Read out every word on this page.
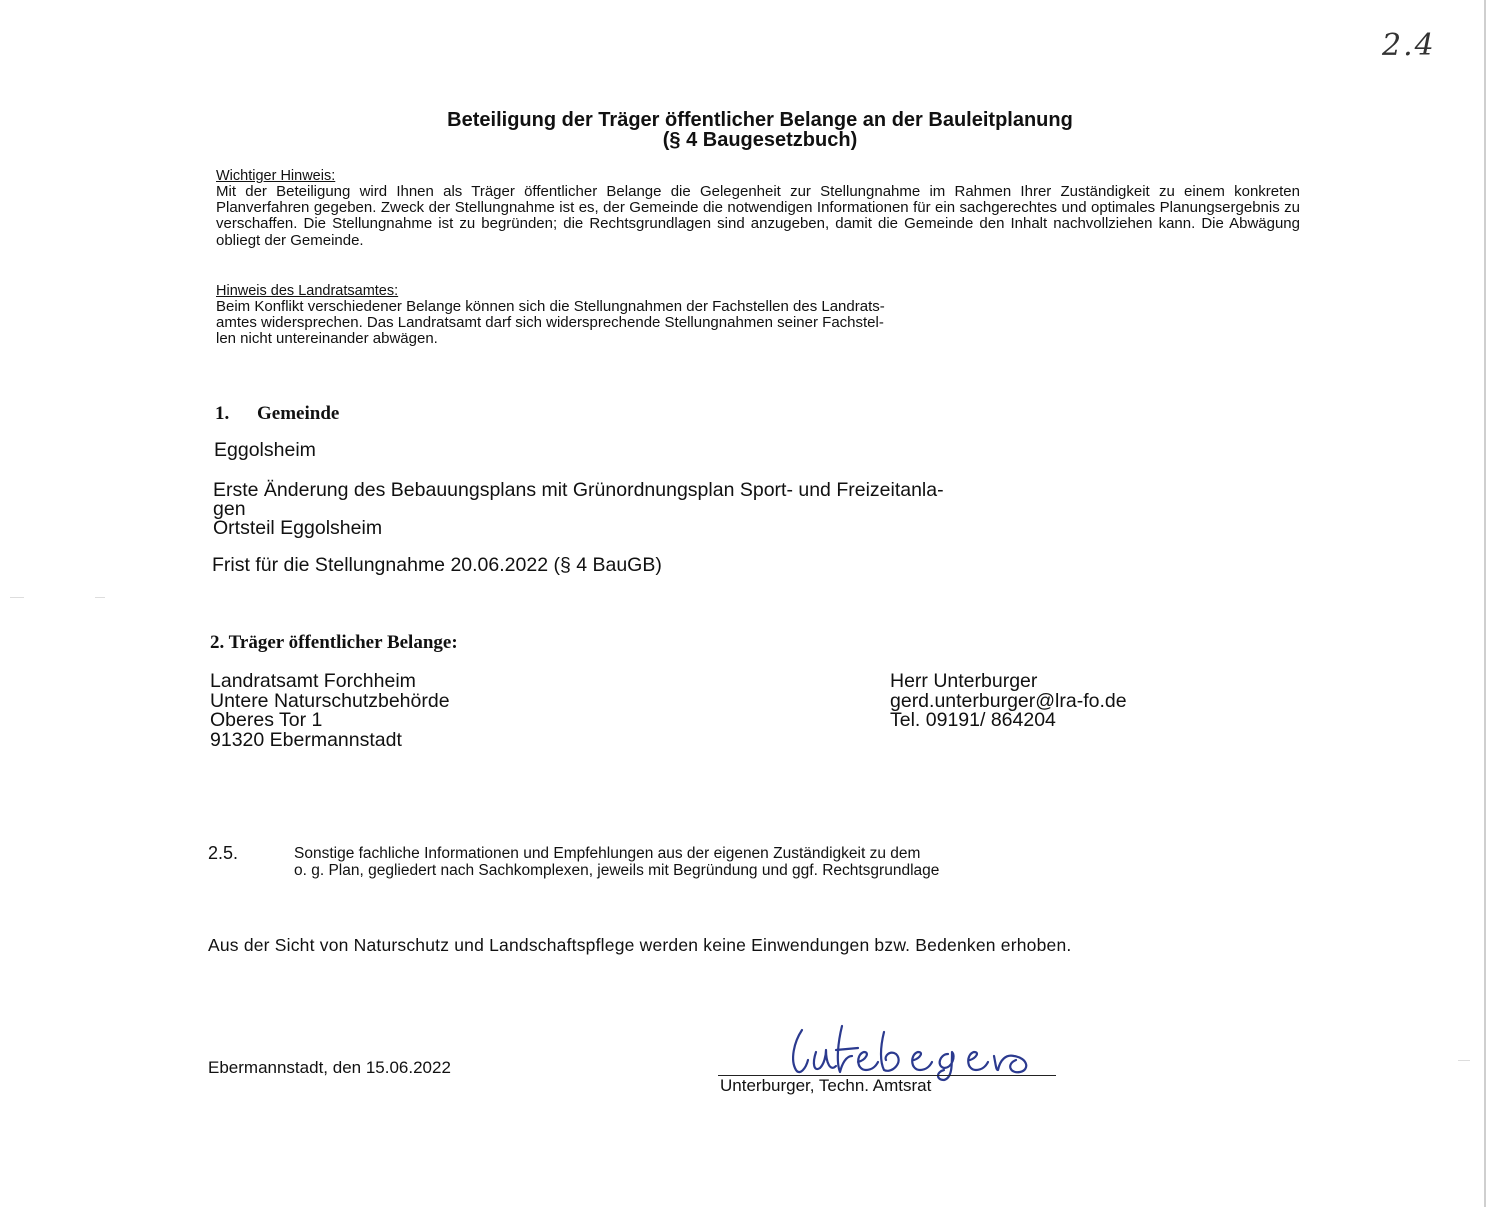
2.4
Beteiligung der Träger öffentlicher Belange an der Bauleitplanung
(§ 4 Baugesetzbuch)
Wichtiger Hinweis:
Mit der Beteiligung wird Ihnen als Träger öffentlicher Belange die Gelegenheit zur Stellungnahme im Rahmen Ihrer Zuständigkeit zu einem konkreten Planverfahren gegeben. Zweck der Stellungnahme ist es, der Gemeinde die notwendigen Informationen für ein sachgerechtes und optimales Planungsergebnis zu verschaffen. Die Stellungnahme ist zu begründen; die Rechtsgrundlagen sind anzugeben, damit die Gemeinde den Inhalt nachvollziehen kann. Die Abwägung obliegt der Gemeinde.
Hinweis des Landratsamtes:
Beim Konflikt verschiedener Belange können sich die Stellungnahmen der Fachstellen des Landrats-
amtes widersprechen. Das Landratsamt darf sich widersprechende Stellungnahmen seiner Fachstel-
len nicht untereinander abwägen.
1. Gemeinde
Eggolsheim
Erste Änderung des Bebauungsplans mit Grünordnungsplan Sport- und Freizeitanla-
gen
Ortsteil Eggolsheim
Frist für die Stellungnahme 20.06.2022 (§ 4 BauGB)
2. Träger öffentlicher Belange:
Landratsamt Forchheim
Untere Naturschutzbehörde
Oberes Tor 1
91320 Ebermannstadt
Herr Unterburger
gerd.unterburger@lra-fo.de
Tel. 09191/ 864204
2.5.	Sonstige fachliche Informationen und Empfehlungen aus der eigenen Zuständigkeit zu dem
o. g. Plan, gegliedert nach Sachkomplexen, jeweils mit Begründung und ggf. Rechtsgrundlage
Aus der Sicht von Naturschutz und Landschaftspflege werden keine Einwendungen bzw. Bedenken erhoben.
Ebermannstadt, den 15.06.2022
Unterburger, Techn. Amtsrat
